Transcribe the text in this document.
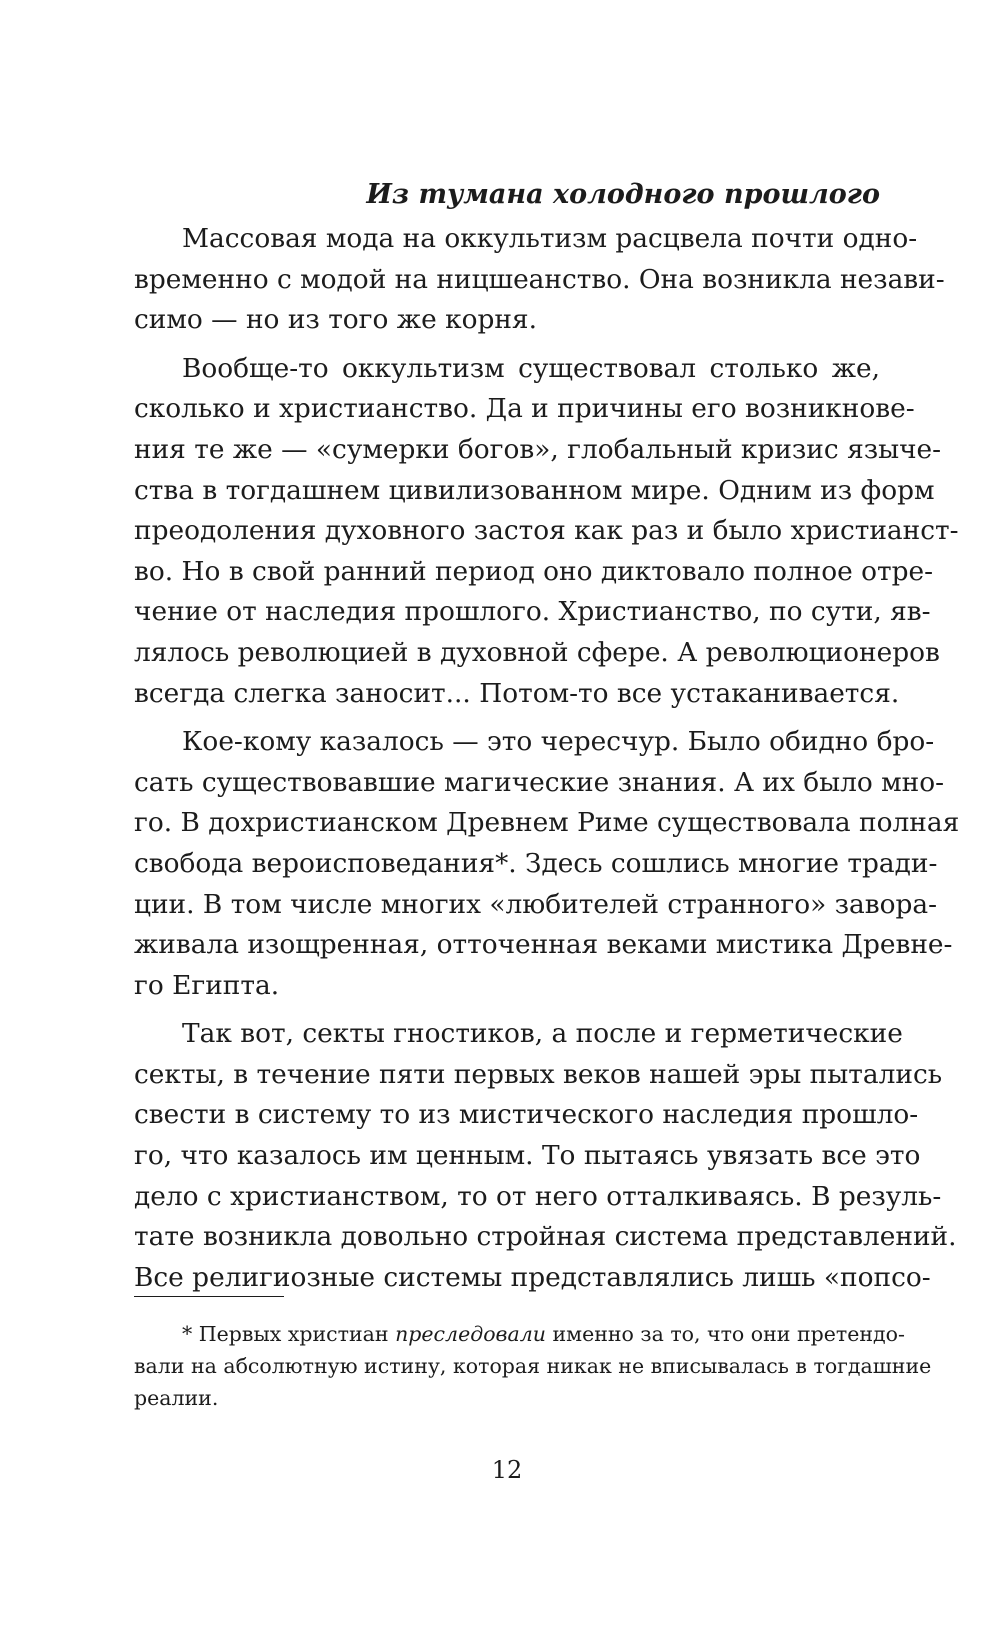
Из тумана холодного прошлого
Массовая мода на оккультизм расцвела почти одно-
временно с модой на ницшеанство. Она возникла незави-
симо — но из того же корня.
Вообще-то оккультизм существовал столько же,
сколько и христианство. Да и причины его возникнове-
ния те же — «сумерки богов», глобальный кризис язычe-
ства в тогдашнем цивилизованном мире. Одним из форм
преодоления духовного застоя как раз и было христианст-
во. Но в свой ранний период оно диктовало полное отре-
чение от наследия прошлого. Христианство, по сути, яв-
лялось революцией в духовной сфере. А революционеров
всегда слегка заносит... Потом-то все устаканивается.
Кое-кому казалось — это чересчур. Было обидно бро-
сать существовавшие магические знания. А их было мно-
го. В дохристианском Древнем Риме существовала полная
свобода вероисповедания*. Здесь сошлись многие тради-
ции. В том числе многих «любителей странного» завора-
живала изощренная, отточенная веками мистика Древне-
го Египта.
Так вот, секты гностиков, а после и герметические
секты, в течение пяти первых веков нашей эры пытались
свести в систему то из мистического наследия прошло-
го, что казалось им ценным. То пытаясь увязать все это
дело с христианством, то от него отталкиваясь. В резуль-
тате возникла довольно стройная система представлений.
Все религиозные системы представлялись лишь «попсо-
* Первых христиан преследовали именно за то, что они претендо-
вали на абсолютную истину, которая никак не вписывалась в тогдашние
реалии.
12
